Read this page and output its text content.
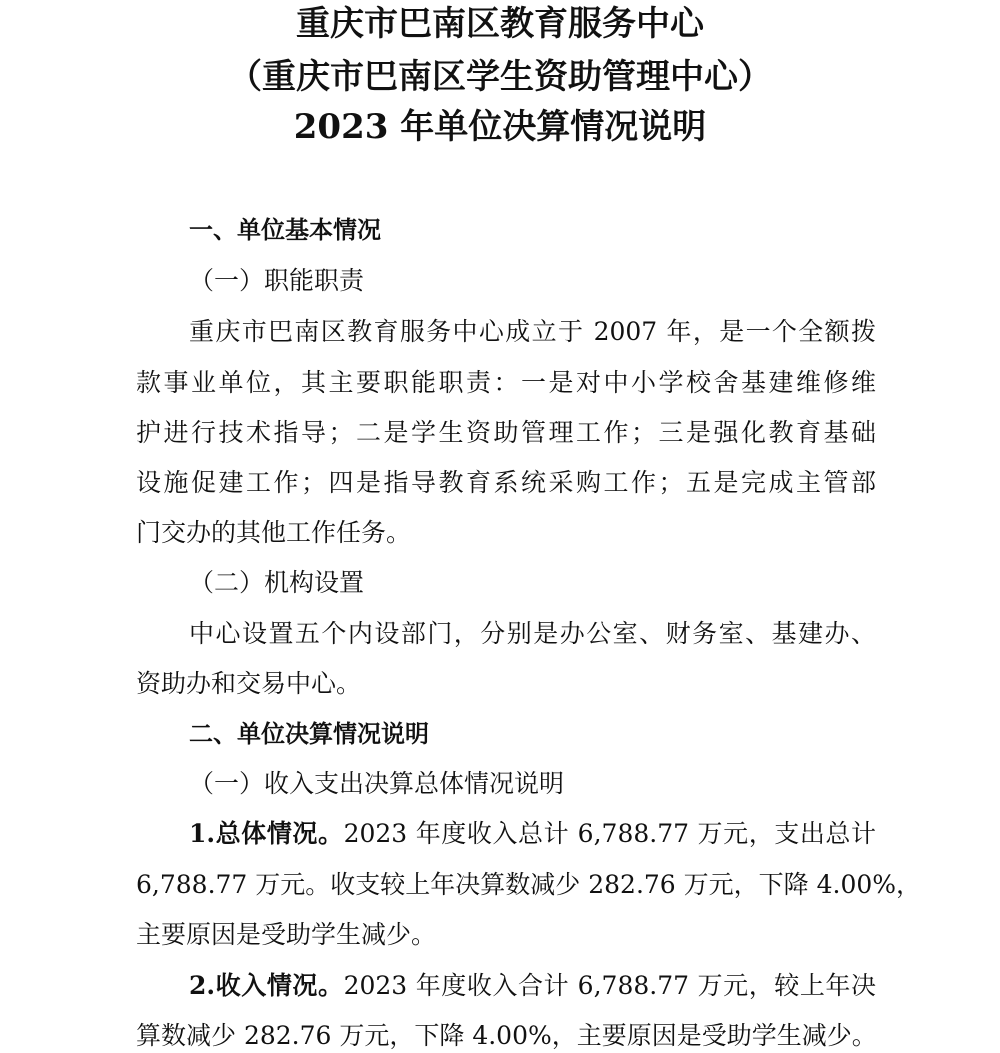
重庆市巴南区教育服务中心
（重庆市巴南区学生资助管理中心）
2023 年单位决算情况说明

一、单位基本情况

（一）职能职责

重庆市巴南区教育服务中心成立于 2007 年，是一个全额拨

款事业单位，其主要职能职责：一是对中小学校舍基建维修维

护进行技术指导；二是学生资助管理工作；三是强化教育基础

设施促建工作；四是指导教育系统采购工作；五是完成主管部

门交办的其他工作任务。

（二）机构设置

中心设置五个内设部门，分别是办公室、财务室、基建办、

资助办和交易中心。

二、单位决算情况说明

（一）收入支出决算总体情况说明

1.总体情况。2023 年度收入总计 6,788.77 万元，支出总计

6,788.77 万元。收支较上年决算数减少 282.76 万元，下降 4.00%，

主要原因是受助学生减少。

2.收入情况。2023 年度收入合计 6,788.77 万元，较上年决

算数减少 282.76 万元，下降 4.00%，主要原因是受助学生减少。
